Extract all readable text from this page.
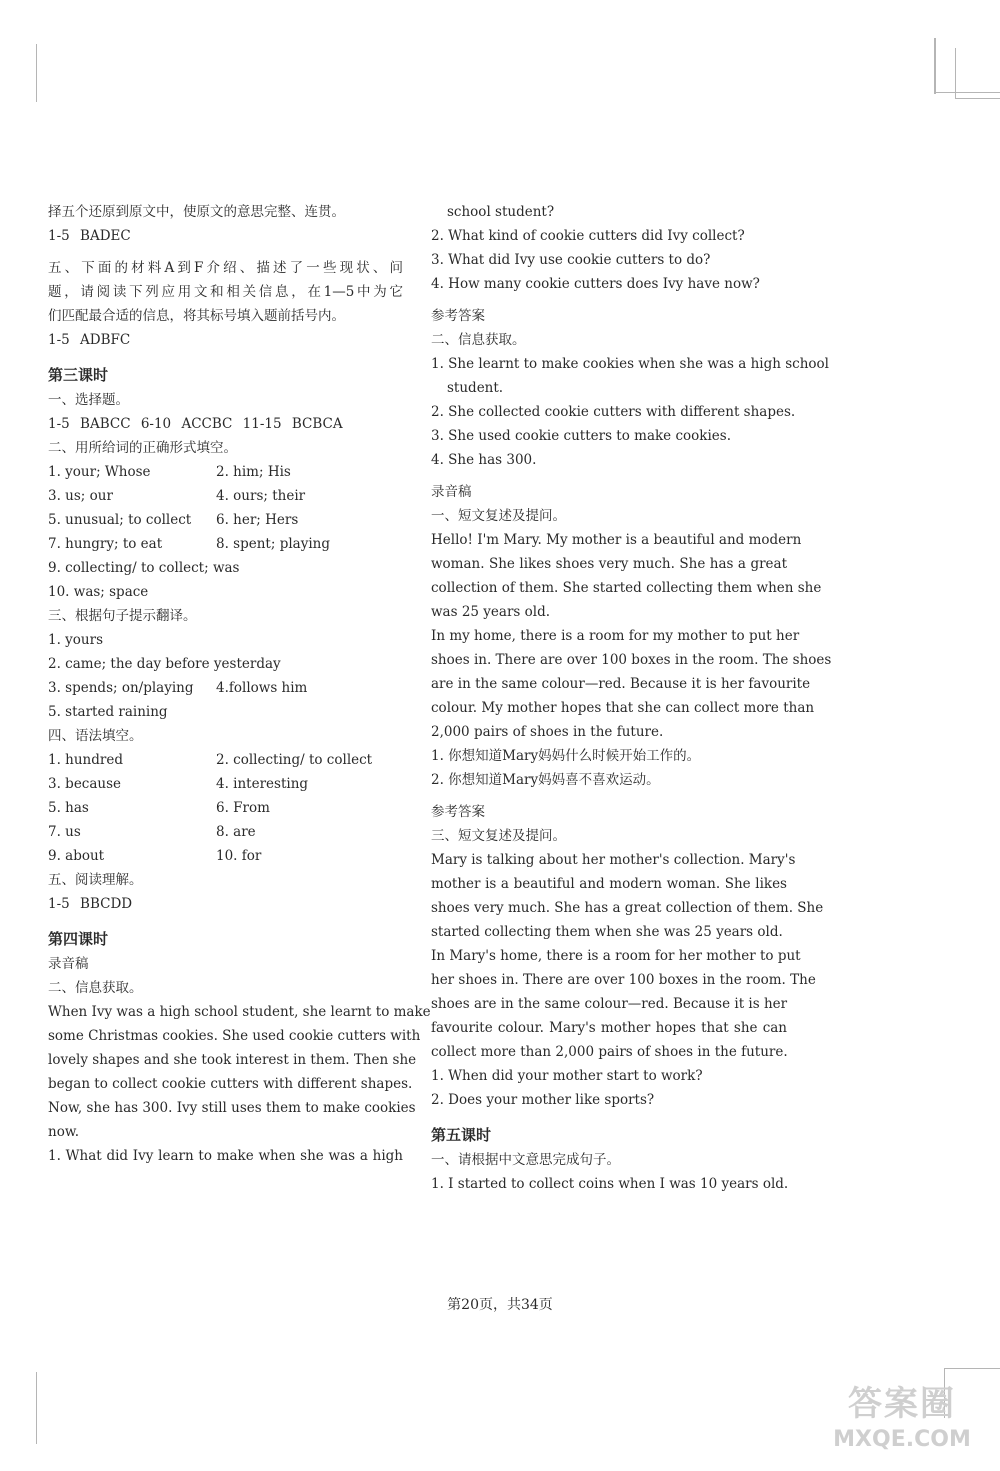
择五个还原到原文中，使原文的意思完整、连贯。
1-5 BADEC
五、下面的材料A到F介绍、描述了一些现状、问
题，请阅读下列应用文和相关信息，在1—5中为它
们匹配最合适的信息，将其标号填入题前括号内。
1-5 ADBFC
第三课时
一、选择题。
1-5 BABCC 6-10 ACCBC 11-15 BCBCA
二、用所给词的正确形式填空。
1. your; Whose	2. him; His
3. us; our	4. ours; their
5. unusual; to collect	6. her; Hers
7. hungry; to eat	8. spent; playing
9. collecting/ to collect; was
10. was; space
三、根据句子提示翻译。
1. yours
2. came; the day before yesterday
3. spends; on/playing	4.follows him
5. started raining
四、语法填空。
1. hundred	2. collecting/ to collect
3. because	4. interesting
5. has	6. From
7. us	8. are
9. about	10. for
五、阅读理解。
1-5 BBCDD
第四课时
录音稿
二、信息获取。
When Ivy was a high school student, she learnt to make
some Christmas cookies. She used cookie cutters with
lovely shapes and she took interest in them. Then she
began to collect cookie cutters with different shapes.
Now, she has 300. Ivy still uses them to make cookies
now.
1. What did Ivy learn to make when she was a high
school student?
2. What kind of cookie cutters did Ivy collect?
3. What did Ivy use cookie cutters to do?
4. How many cookie cutters does Ivy have now?
参考答案
二、信息获取。
1. She learnt to make cookies when she was a high school
student.
2. She collected cookie cutters with different shapes.
3. She used cookie cutters to make cookies.
4. She has 300.
录音稿
一、短文复述及提问。
Hello! I'm Mary. My mother is a beautiful and modern
woman. She likes shoes very much. She has a great
collection of them. She started collecting them when she
was 25 years old.
In my home, there is a room for my mother to put her
shoes in. There are over 100 boxes in the room. The shoes
are in the same colour—red. Because it is her favourite
colour. My mother hopes that she can collect more than
2,000 pairs of shoes in the future.
1. 你想知道Mary妈妈什么时候开始工作的。
2. 你想知道Mary妈妈喜不喜欢运动。
参考答案
三、短文复述及提问。
Mary is talking about her mother's collection. Mary's
mother is a beautiful and modern woman. She likes
shoes very much. She has a great collection of them. She
started collecting them when she was 25 years old.
In Mary's home, there is a room for her mother to put
her shoes in. There are over 100 boxes in the room. The
shoes are in the same colour—red. Because it is her
favourite colour. Mary's mother hopes that she can
collect more than 2,000 pairs of shoes in the future.
1. When did your mother start to work?
2. Does your mother like sports?
第五课时
一、请根据中文意思完成句子。
1. I started to collect coins when I was 10 years old.
第20页，共34页
答案圈
MXQE.COM
